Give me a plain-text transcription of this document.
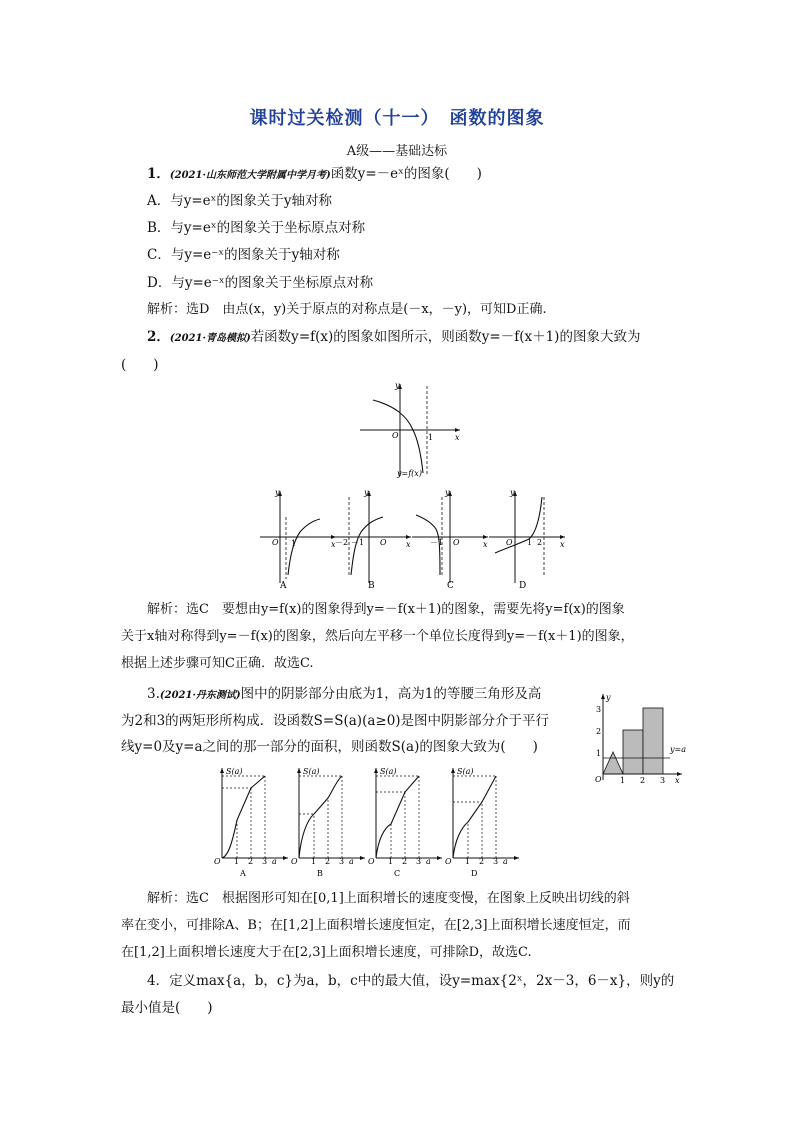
课时过关检测（十一）　函数的图象
A级——基础达标
1．(2021·山东师范大学附属中学月考)函数y=－eˣ的图象(　　)
A．与y=eˣ的图象关于y轴对称
B．与y=eˣ的图象关于坐标原点对称
C．与y=e⁻ˣ的图象关于y轴对称
D．与y=e⁻ˣ的图象关于坐标原点对称
解析：选D　由点(x，y)关于原点的对称点是(－x，－y)，可知D正确.
2．(2021·青岛模拟)若函数y=f(x)的图象如图所示，则函数y=－f(x＋1)的图象大致为
(　　)
y
x
O	1
y=f(x)
y
x
O 1
A
y
x
－2 －1 O
B
y
x
－1 O
C
y
x
O 1 2
D
解析：选C　要想由y=f(x)的图象得到y=－f(x＋1)的图象，需要先将y=f(x)的图象
关于x轴对称得到y=－f(x)的图象，然后向左平移一个单位长度得到y=－f(x＋1)的图象，
根据上述步骤可知C正确．故选C.
3.(2021·丹东测试)图中的阴影部分由底为1，高为1的等腰三角形及高
为2和3的两矩形所构成．设函数S=S(a)(a≥0)是图中阴影部分介于平行
线y=0及y=a之间的那一部分的面积，则函数S(a)的图象大致为(　　)
y
3
2
1
O 1 2 3 x
y=a
S(a)
O 1 2 3 a
A
S(a)
O 1 2 3 a
B
S(a)
O 1 2 3 a
C
S(a)
O 1 2 3 a
D
解析：选C　根据图形可知在[0,1]上面积增长的速度变慢，在图象上反映出切线的斜
率在变小，可排除A、B；在[1,2]上面积增长速度恒定，在[2,3]上面积增长速度恒定，而
在[1,2]上面积增长速度大于在[2,3]上面积增长速度，可排除D，故选C.
4．定义max{a，b，c}为a，b，c中的最大值，设y=max{2ˣ，2x－3，6－x}，则y的
最小值是(　　)
